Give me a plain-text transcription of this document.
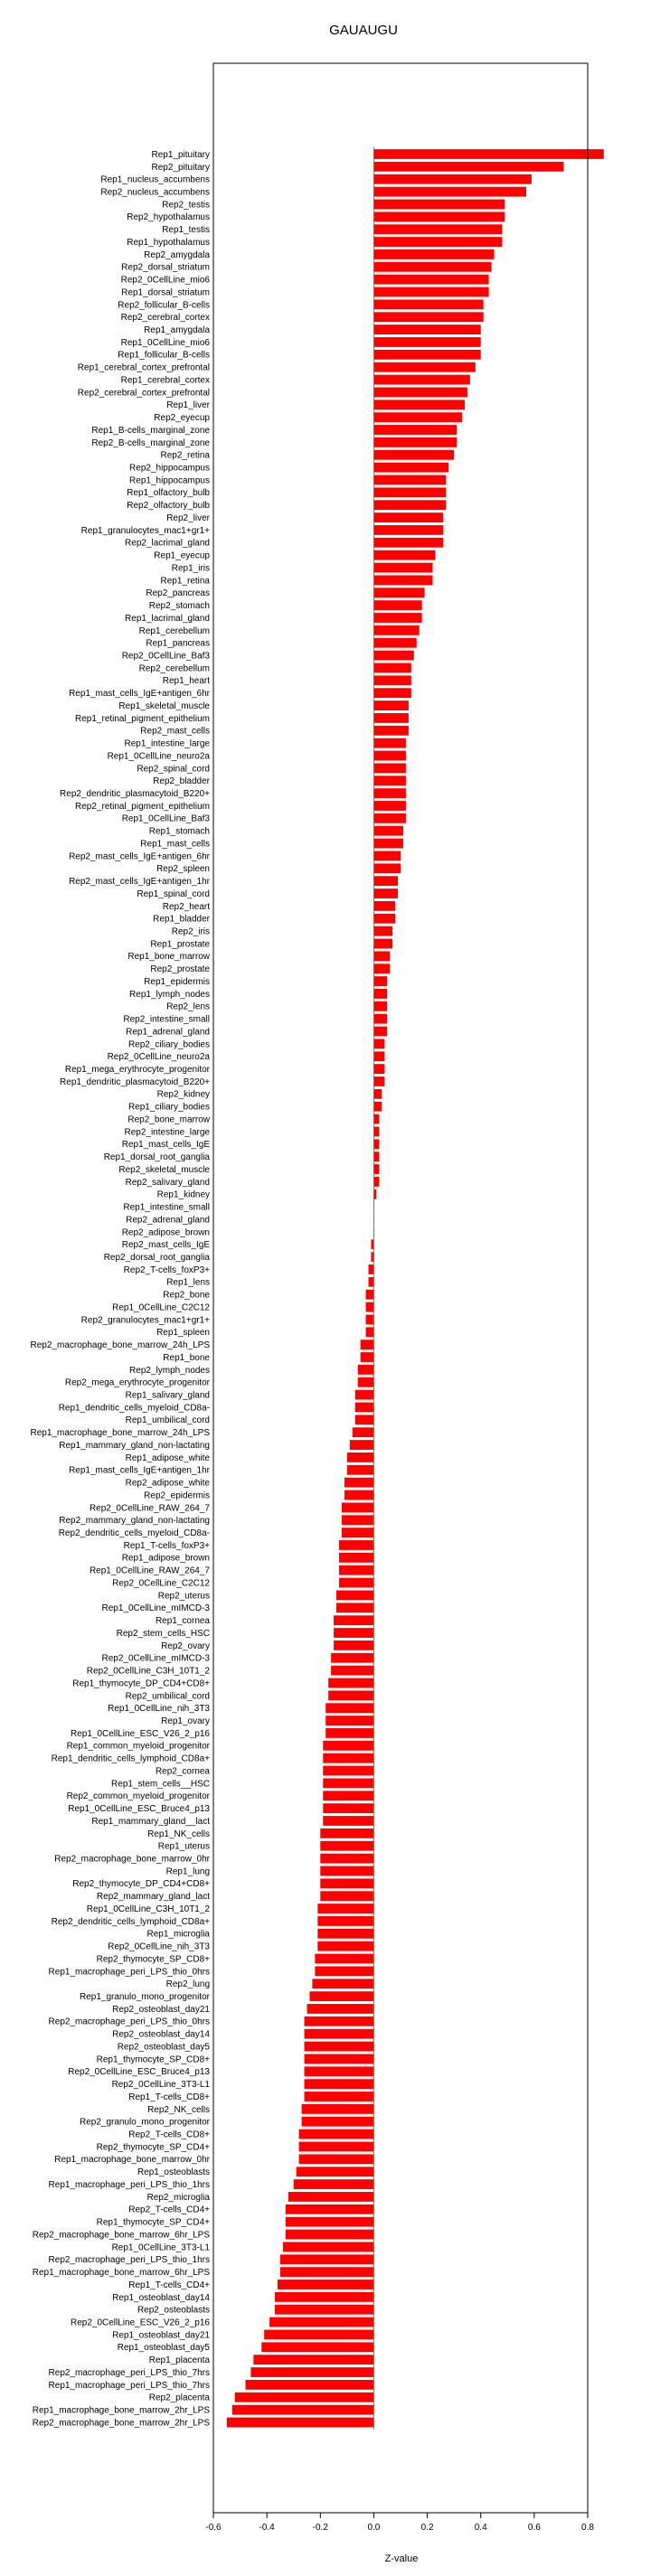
GAUAUGU
Rep1_pituitary
Rep2_pituitary
Rep1_nucleus_accumbens
Rep2_nucleus_accumbens
Rep2_testis
Rep2_hypothalamus
Rep1_testis
Rep1_hypothalamus
Rep2_amygdala
Rep2_dorsal_striatum
Rep2_0CellLine_mio6
Rep1_dorsal_striatum
Rep2_follicular_B-cells
Rep2_cerebral_cortex
Rep1_amygdala
Rep1_0CellLine_mio6
Rep1_follicular_B-cells
Rep1_cerebral_cortex_prefrontal
Rep1_cerebral_cortex
Rep2_cerebral_cortex_prefrontal
Rep1_liver
Rep2_eyecup
Rep1_B-cells_marginal_zone
Rep2_B-cells_marginal_zone
Rep2_retina
Rep2_hippocampus
Rep1_hippocampus
Rep1_olfactory_bulb
Rep2_olfactory_bulb
Rep2_liver
Rep1_granulocytes_mac1+gr1+
Rep2_lacrimal_gland
Rep1_eyecup
Rep1_iris
Rep1_retina
Rep2_pancreas
Rep2_stomach
Rep1_lacrimal_gland
Rep1_cerebellum
Rep1_pancreas
Rep2_0CellLine_Baf3
Rep2_cerebellum
Rep1_heart
Rep1_mast_cells_IgE+antigen_6hr
Rep1_skeletal_muscle
Rep1_retinal_pigment_epithelium
Rep2_mast_cells
Rep1_intestine_large
Rep1_0CellLine_neuro2a
Rep2_spinal_cord
Rep2_bladder
Rep2_dendritic_plasmacytoid_B220+
Rep2_retinal_pigment_epithelium
Rep1_0CellLine_Baf3
Rep1_stomach
Rep1_mast_cells
Rep2_mast_cells_IgE+antigen_6hr
Rep2_spleen
Rep2_mast_cells_IgE+antigen_1hr
Rep1_spinal_cord
Rep2_heart
Rep1_bladder
Rep2_iris
Rep1_prostate
Rep1_bone_marrow
Rep2_prostate
Rep1_epidermis
Rep1_lymph_nodes
Rep2_lens
Rep2_intestine_small
Rep1_adrenal_gland
Rep2_ciliary_bodies
Rep2_0CellLine_neuro2a
Rep1_mega_erythrocyte_progenitor
Rep1_dendritic_plasmacytoid_B220+
Rep2_kidney
Rep1_ciliary_bodies
Rep2_bone_marrow
Rep2_intestine_large
Rep1_mast_cells_IgE
Rep1_dorsal_root_ganglia
Rep2_skeletal_muscle
Rep2_salivary_gland
Rep1_kidney
Rep1_intestine_small
Rep2_adrenal_gland
Rep2_adipose_brown
Rep2_mast_cells_IgE
Rep2_dorsal_root_ganglia
Rep2_T-cells_foxP3+
Rep1_lens
Rep2_bone
Rep1_0CellLine_C2C12
Rep2_granulocytes_mac1+gr1+
Rep1_spleen
Rep2_macrophage_bone_marrow_24h_LPS
Rep1_bone
Rep2_lymph_nodes
Rep2_mega_erythrocyte_progenitor
Rep1_salivary_gland
Rep1_dendritic_cells_myeloid_CD8a-
Rep1_umbilical_cord
Rep1_macrophage_bone_marrow_24h_LPS
Rep1_mammary_gland_non-lactating
Rep1_adipose_white
Rep1_mast_cells_IgE+antigen_1hr
Rep2_adipose_white
Rep2_epidermis
Rep2_0CellLine_RAW_264_7
Rep2_mammary_gland_non-lactating
Rep2_dendritic_cells_myeloid_CD8a-
Rep1_T-cells_foxP3+
Rep1_adipose_brown
Rep1_0CellLine_RAW_264_7
Rep2_0CellLine_C2C12
Rep2_uterus
Rep1_0CellLine_mIMCD-3
Rep1_cornea
Rep2_stem_cells_HSC
Rep2_ovary
Rep2_0CellLine_mIMCD-3
Rep2_0CellLine_C3H_10T1_2
Rep1_thymocyte_DP_CD4+CD8+
Rep2_umbilical_cord
Rep1_0CellLine_nih_3T3
Rep1_ovary
Rep1_0CellLine_ESC_V26_2_p16
Rep1_common_myeloid_progenitor
Rep1_dendritic_cells_lymphoid_CD8a+
Rep2_cornea
Rep1_stem_cells__HSC
Rep2_common_myeloid_progenitor
Rep1_0CellLine_ESC_Bruce4_p13
Rep1_mammary_gland__lact
Rep1_NK_cells
Rep1_uterus
Rep2_macrophage_bone_marrow_0hr
Rep1_lung
Rep2_thymocyte_DP_CD4+CD8+
Rep2_mammary_gland_lact
Rep1_0CellLine_C3H_10T1_2
Rep2_dendritic_cells_lymphoid_CD8a+
Rep1_microglia
Rep2_0CellLine_nih_3T3
Rep2_thymocyte_SP_CD8+
Rep1_macrophage_peri_LPS_thio_0hrs
Rep2_lung
Rep1_granulo_mono_progenitor
Rep2_osteoblast_day21
Rep2_macrophage_peri_LPS_thio_0hrs
Rep2_osteoblast_day14
Rep2_osteoblast_day5
Rep1_thymocyte_SP_CD8+
Rep2_0CellLine_ESC_Bruce4_p13
Rep2_0CellLine_3T3-L1
Rep1_T-cells_CD8+
Rep2_NK_cells
Rep2_granulo_mono_progenitor
Rep2_T-cells_CD8+
Rep2_thymocyte_SP_CD4+
Rep1_macrophage_bone_marrow_0hr
Rep1_osteoblasts
Rep1_macrophage_peri_LPS_thio_1hrs
Rep2_microglia
Rep2_T-cells_CD4+
Rep1_thymocyte_SP_CD4+
Rep2_macrophage_bone_marrow_6hr_LPS
Rep1_0CellLine_3T3-L1
Rep2_macrophage_peri_LPS_thio_1hrs
Rep1_macrophage_bone_marrow_6hr_LPS
Rep1_T-cells_CD4+
Rep1_osteoblast_day14
Rep2_osteoblasts
Rep2_0CellLine_ESC_V26_2_p16
Rep1_osteoblast_day21
Rep1_osteoblast_day5
Rep1_placenta
Rep2_macrophage_peri_LPS_thio_7hrs
Rep1_macrophage_peri_LPS_thio_7hrs
Rep2_placenta
Rep1_macrophage_bone_marrow_2hr_LPS
Rep2_macrophage_bone_marrow_2hr_LPS
-0.6	-0.4	-0.2	0.0	0.2	0.4	0.6	0.8
Z-value
